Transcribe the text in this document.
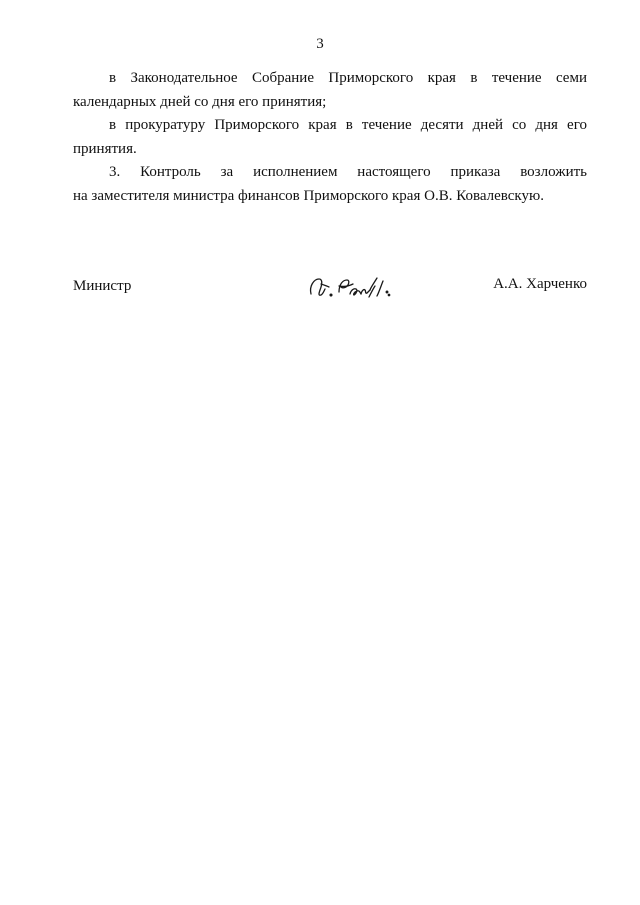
3

в Законодательное Собрание Приморского края в течение семи
календарных дней со дня его принятия;

в прокуратуру Приморского края в течение десяти дней со дня его
принятия.

3. Контроль за исполнением настоящего приказа возложить
на заместителя министра финансов Приморского края О.В. Ковалевскую.

Министр	А.А. Харченко
